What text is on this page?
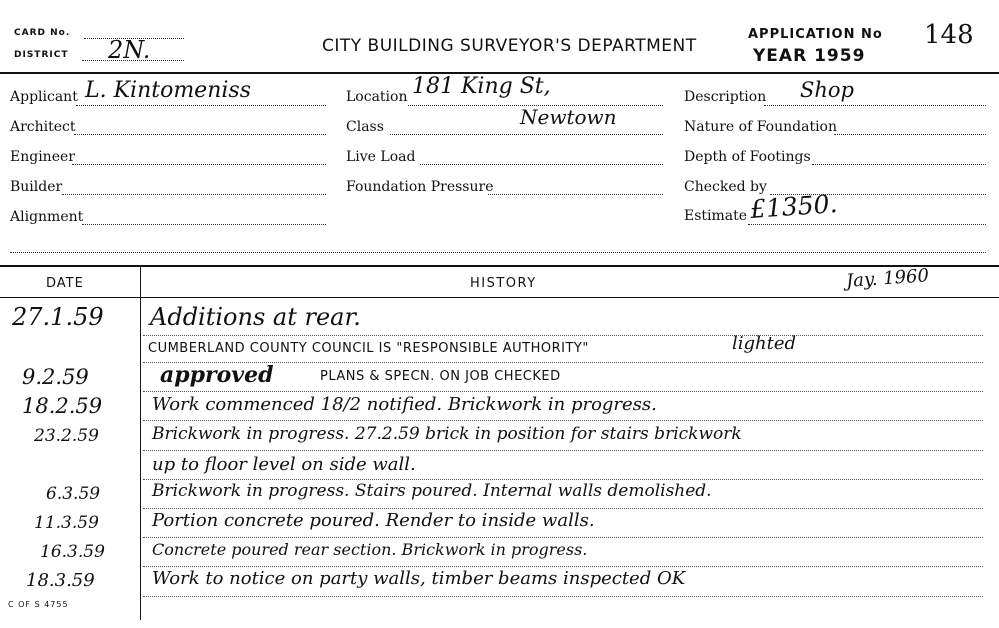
CARD No.
DISTRICT 2N.	CITY BUILDING SURVEYOR'S DEPARTMENT
APPLICATION No
YEAR 1959
148
Applicant L. Kintomeniss
Architect
Engineer
Builder
Alignment
Location 181 King St,
Newtown
Class
Live Load
Foundation Pressure
Description Shop
Nature of Foundation
Depth of Footings
Checked by
Estimate £1350.
DATE	HISTORY	Jay. 1960
27.1.59 Additions at rear.
CUMBERLAND COUNTY COUNCIL IS "RESPONSIBLE AUTHORITY"	lighted
9.2.59	approved	PLANS & SPECN. ON JOB CHECKED
18.2.59	Work commenced 18/2 notified. Brickwork in progress.
23.2.59	Brickwork in progress. 27.2.59 brick in position for stairs brickwork
up to floor level on side wall.
6.3.59	Brickwork in progress. Stairs poured. Internal walls demolished.
11.3.59	Portion concrete poured. Render to inside walls.
16.3.59	Concrete poured rear section. Brickwork in progress.
18.3.59	Work to notice on party walls, timber beams inspected OK
C OF S 4755
